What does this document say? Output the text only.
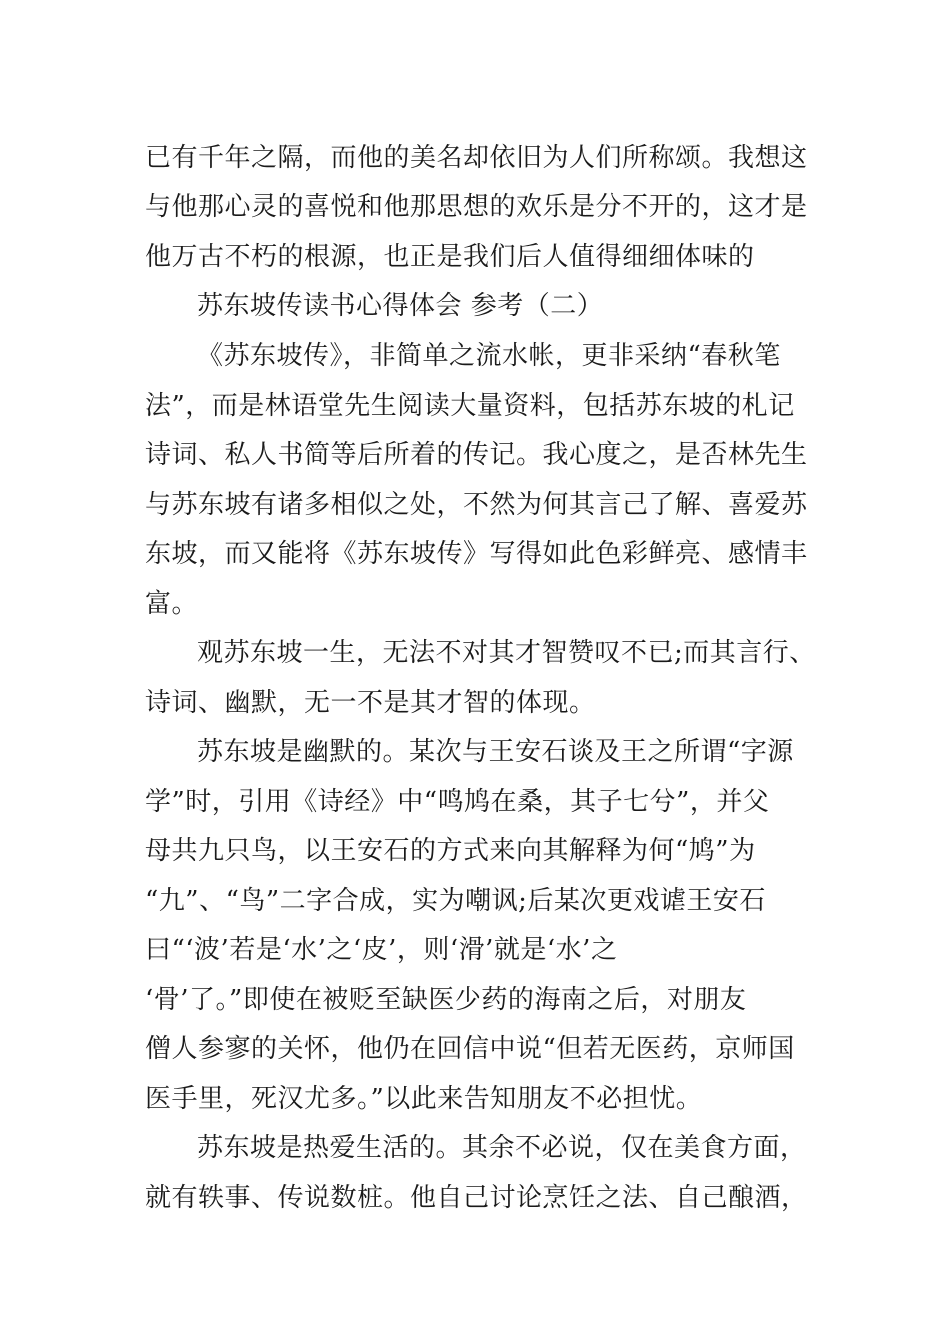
已有千年之隔，而他的美名却依旧为人们所称颂。我想这
与他那心灵的喜悦和他那思想的欢乐是分不开的，这才是
他万古不朽的根源，也正是我们后人值得细细体味的
苏东坡传读书心得体会 参考（二）
《苏东坡传》，非简单之流水帐，更非采纳“春秋笔
法”，而是林语堂先生阅读大量资料，包括苏东坡的札记
诗词、私人书简等后所着的传记。我心度之，是否林先生
与苏东坡有诸多相似之处，不然为何其言己了解、喜爱苏
东坡，而又能将《苏东坡传》写得如此色彩鲜亮、感情丰
富。
观苏东坡一生，无法不对其才智赞叹不已;而其言行、
诗词、幽默，无一不是其才智的体现。
苏东坡是幽默的。某次与王安石谈及王之所谓“字源
学”时，引用《诗经》中“鸣鸠在桑，其子七兮”，并父
母共九只鸟，以王安石的方式来向其解释为何“鸠”为
“九”、“鸟”二字合成，实为嘲讽;后某次更戏谑王安石
曰“‘波’若是‘水’之‘皮’，则‘滑’就是‘水’之
‘骨’了。”即使在被贬至缺医少药的海南之后，对朋友
僧人参寥的关怀，他仍在回信中说“但若无医药，京师国
医手里，死汉尤多。”以此来告知朋友不必担忧。
苏东坡是热爱生活的。其余不必说，仅在美食方面，
就有轶事、传说数桩。他自己讨论烹饪之法、自己酿酒，
